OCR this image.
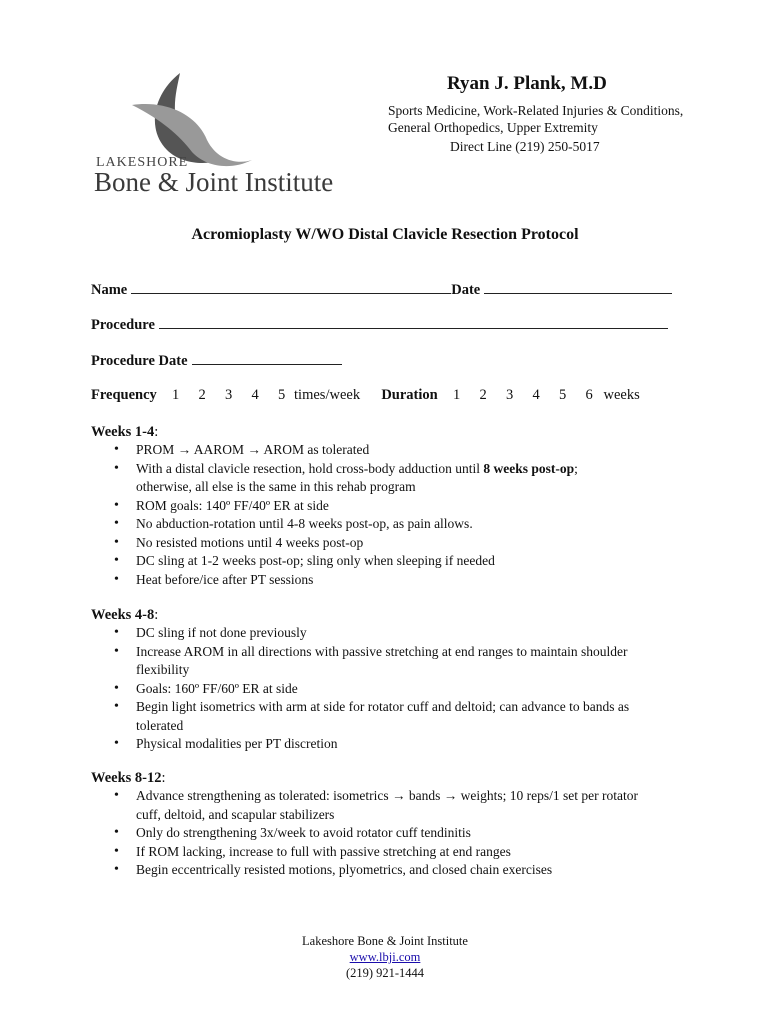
LAKESHORE
Bone & Joint Institute
Ryan J. Plank, M.D
Sports Medicine, Work-Related Injuries & Conditions,
General Orthopedics, Upper Extremity
Direct Line (219) 250-5017
Acromioplasty W/WO Distal Clavicle Resection Protocol
Name	Date
Procedure
Procedure Date
Frequency 1 2 3 4 5 times/week Duration 1 2 3 4 5 6 weeks
Weeks 1-4:
• PROM → AAROM → AROM as tolerated
• With a distal clavicle resection, hold cross-body adduction until 8 weeks post-op;
otherwise, all else is the same in this rehab program
• ROM goals: 140º FF/40º ER at side
• No abduction-rotation until 4-8 weeks post-op, as pain allows.
• No resisted motions until 4 weeks post-op
• DC sling at 1-2 weeks post-op; sling only when sleeping if needed
• Heat before/ice after PT sessions
Weeks 4-8:
• DC sling if not done previously
• Increase AROM in all directions with passive stretching at end ranges to maintain shoulder flexibility
• Goals: 160º FF/60º ER at side
• Begin light isometrics with arm at side for rotator cuff and deltoid; can advance to bands as tolerated
• Physical modalities per PT discretion
Weeks 8-12:
• Advance strengthening as tolerated: isometrics → bands → weights; 10 reps/1 set per rotator cuff, deltoid, and scapular stabilizers
• Only do strengthening 3x/week to avoid rotator cuff tendinitis
• If ROM lacking, increase to full with passive stretching at end ranges
• Begin eccentrically resisted motions, plyometrics, and closed chain exercises
Lakeshore Bone & Joint Institute
www.lbji.com
(219) 921-1444
